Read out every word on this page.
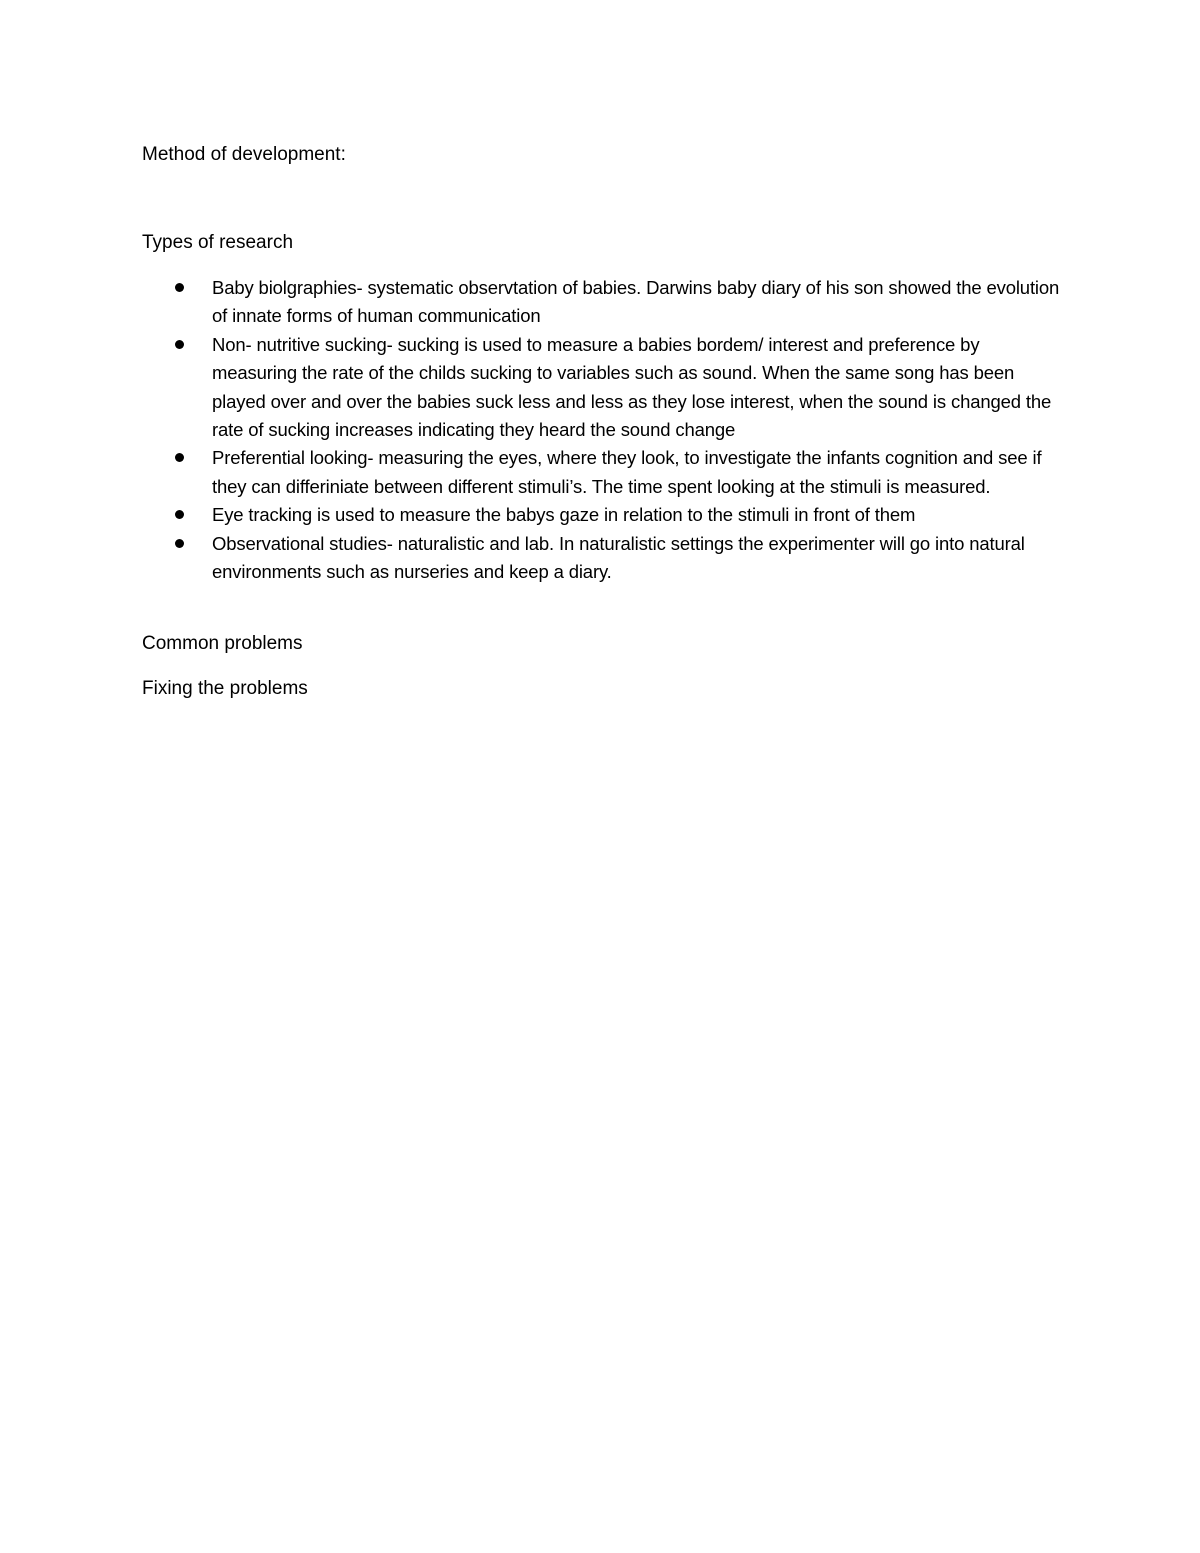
Method of development:
Types of research
Baby biolgraphies- systematic observtation of babies. Darwins baby diary of his son showed the evolution of innate forms of human communication
Non- nutritive sucking- sucking is used to measure a babies bordem/ interest and preference by measuring the rate of the childs sucking to variables such as sound. When the same song has been played over and over the babies suck less and less as they lose interest, when the sound is changed the rate of sucking increases indicating they heard the sound change
Preferential looking- measuring the eyes, where they look, to investigate the infants cognition and see if they can differiniate between different stimuli’s. The time spent looking at the stimuli is measured.
Eye tracking is used to measure the babys gaze in relation to the stimuli in front of them
Observational studies- naturalistic and lab. In naturalistic settings the experimenter will go into natural environments such as nurseries and keep a diary.
Common problems
Fixing the problems
